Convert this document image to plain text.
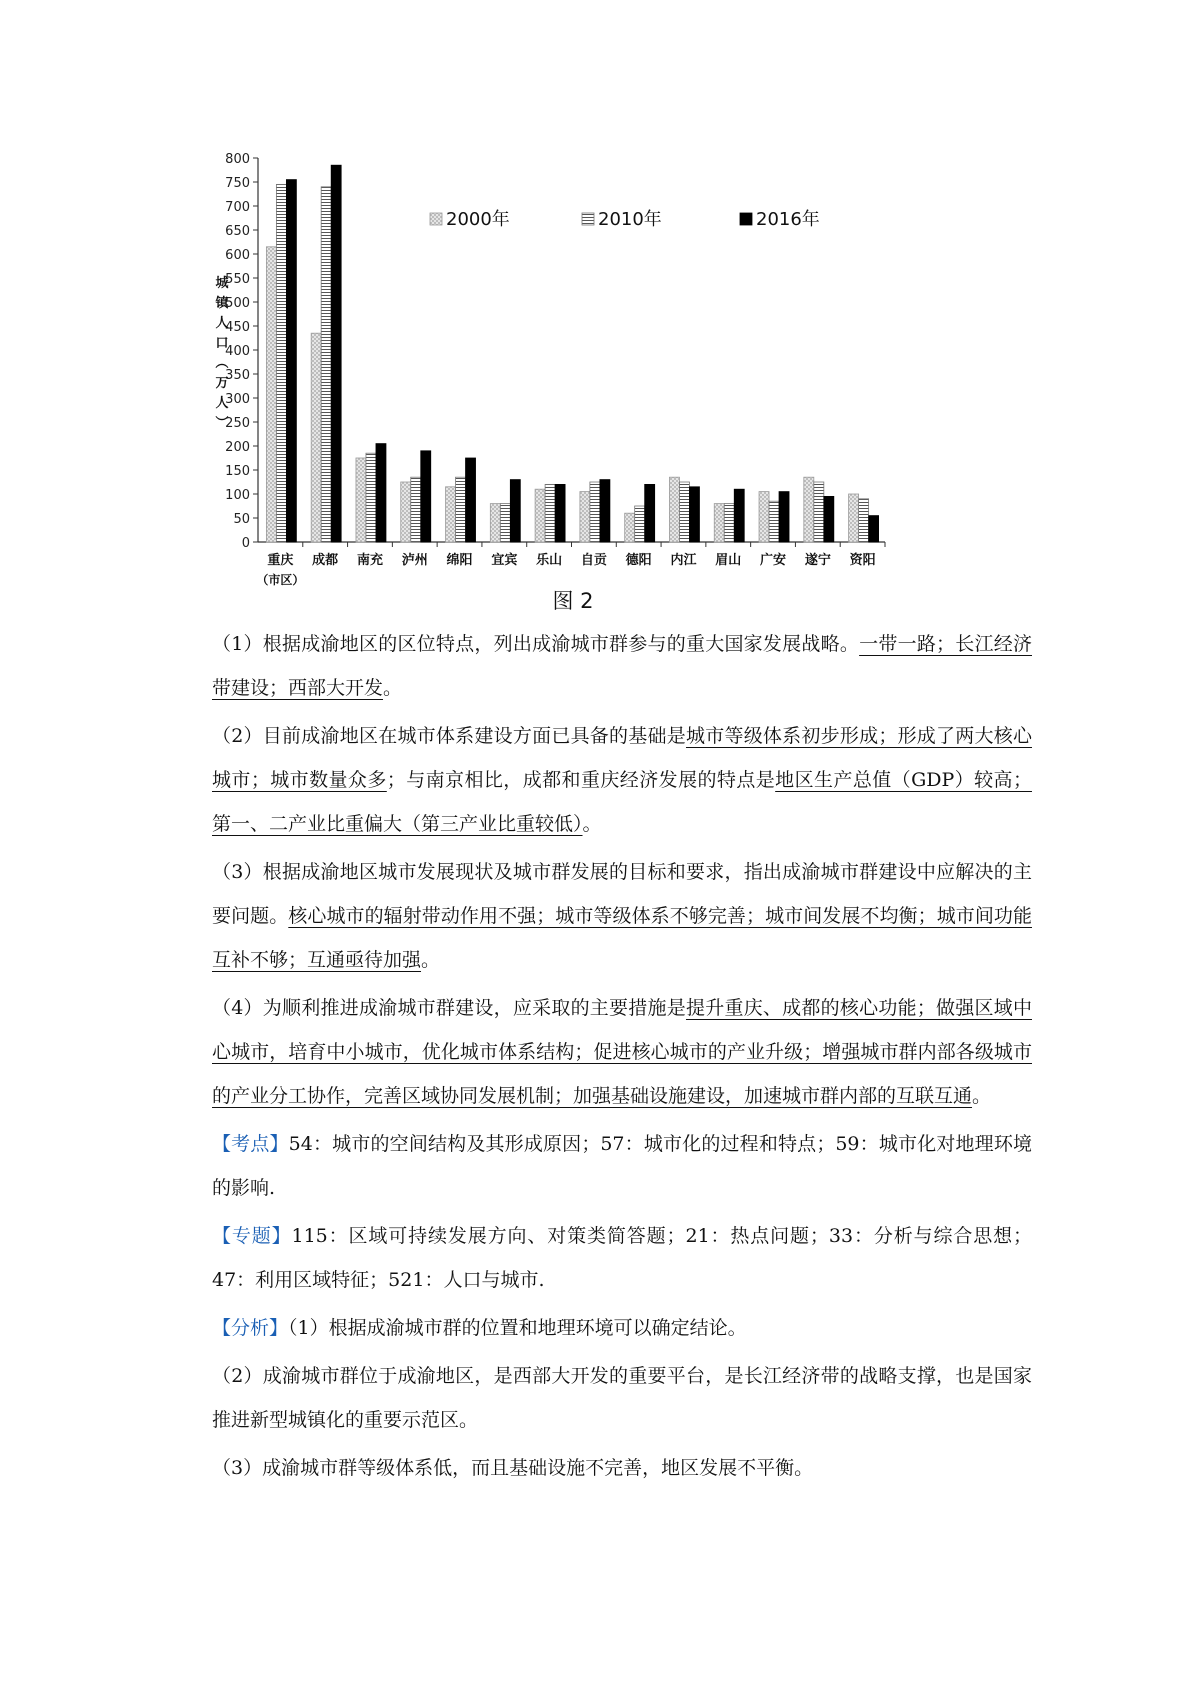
0
50
100
150
200
250
300
350
400
450
500
550
600
650
700
750
800
重庆
（市区）
成都 南充 泸州 绵阳 宜宾 乐山 自贡 德阳 内江 眉山 广安 遂宁 资阳
2000年	2010年	2016年
城
镇
人
口
（
万
人
）
图 2

（1）根据成渝地区的区位特点，列出成渝城市群参与的重大国家发展战略。一带一路；长江经济带建设；西部大开发。

（2）目前成渝地区在城市体系建设方面已具备的基础是城市等级体系初步形成；形成了两大核心城市；城市数量众多；与南京相比，成都和重庆经济发展的特点是地区生产总值（GDP）较高；第一、二产业比重偏大（第三产业比重较低）。

（3）根据成渝地区城市发展现状及城市群发展的目标和要求，指出成渝城市群建设中应解决的主要问题。核心城市的辐射带动作用不强；城市等级体系不够完善；城市间发展不均衡；城市间功能互补不够；互通亟待加强。

（4）为顺利推进成渝城市群建设，应采取的主要措施是提升重庆、成都的核心功能；做强区域中心城市，培育中小城市，优化城市体系结构；促进核心城市的产业升级；增强城市群内部各级城市的产业分工协作，完善区域协同发展机制；加强基础设施建设，加速城市群内部的互联互通。

【考点】54：城市的空间结构及其形成原因；57：城市化的过程和特点；59：城市化对地理环境的影响.

【专题】115：区域可持续发展方向、对策类简答题；21：热点问题；33：分析与综合思想；47：利用区域特征；521：人口与城市.

【分析】（1）根据成渝城市群的位置和地理环境可以确定结论。

（2）成渝城市群位于成渝地区，是西部大开发的重要平台，是长江经济带的战略支撑，也是国家推进新型城镇化的重要示范区。

（3）成渝城市群等级体系低，而且基础设施不完善，地区发展不平衡。
